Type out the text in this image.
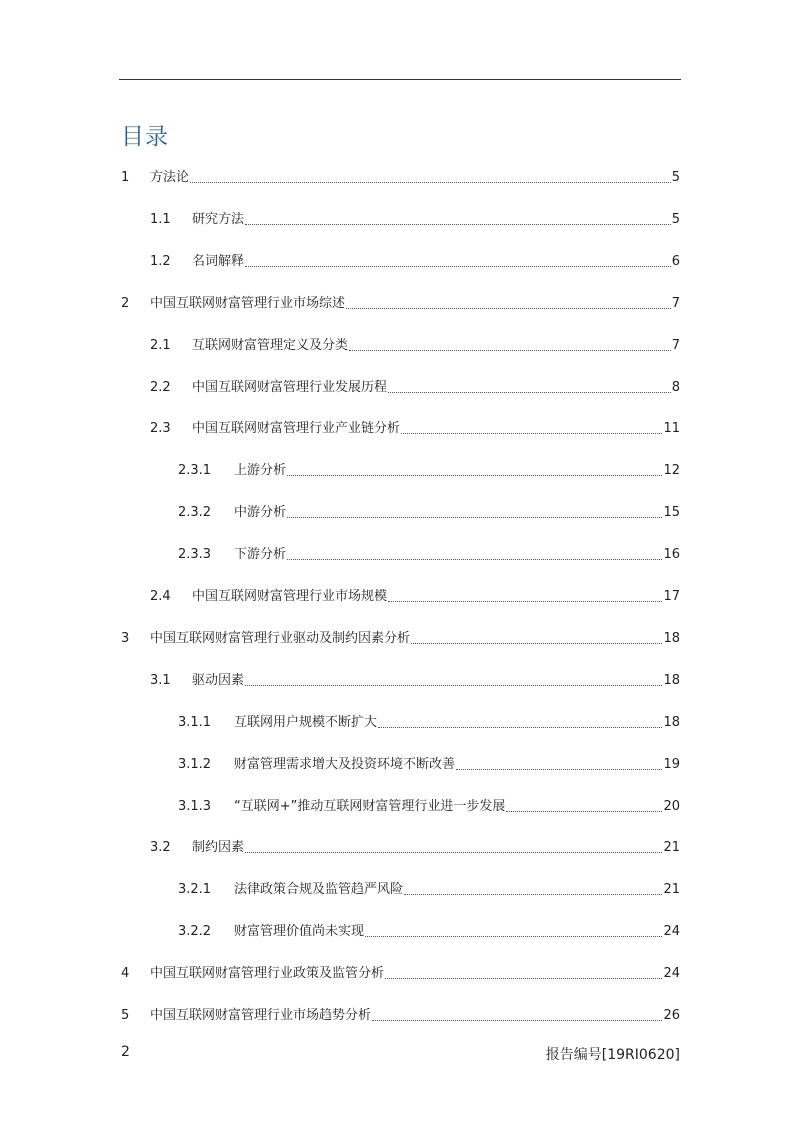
目录
1	方法论	5
1.1	研究方法	5
1.2	名词解释	6
2	中国互联网财富管理行业市场综述	7
2.1	互联网财富管理定义及分类	7
2.2	中国互联网财富管理行业发展历程	8
2.3	中国互联网财富管理行业产业链分析	11
2.3.1	上游分析	12
2.3.2	中游分析	15
2.3.3	下游分析	16
2.4	中国互联网财富管理行业市场规模	17
3	中国互联网财富管理行业驱动及制约因素分析	18
3.1	驱动因素	18
3.1.1	互联网用户规模不断扩大	18
3.1.2	财富管理需求增大及投资环境不断改善	19
3.1.3	“互联网+”推动互联网财富管理行业进一步发展	20
3.2	制约因素	21
3.2.1	法律政策合规及监管趋严风险	21
3.2.2	财富管理价值尚未实现	24
4	中国互联网财富管理行业政策及监管分析	24
5	中国互联网财富管理行业市场趋势分析	26
2	报告编号[19RI0620]
